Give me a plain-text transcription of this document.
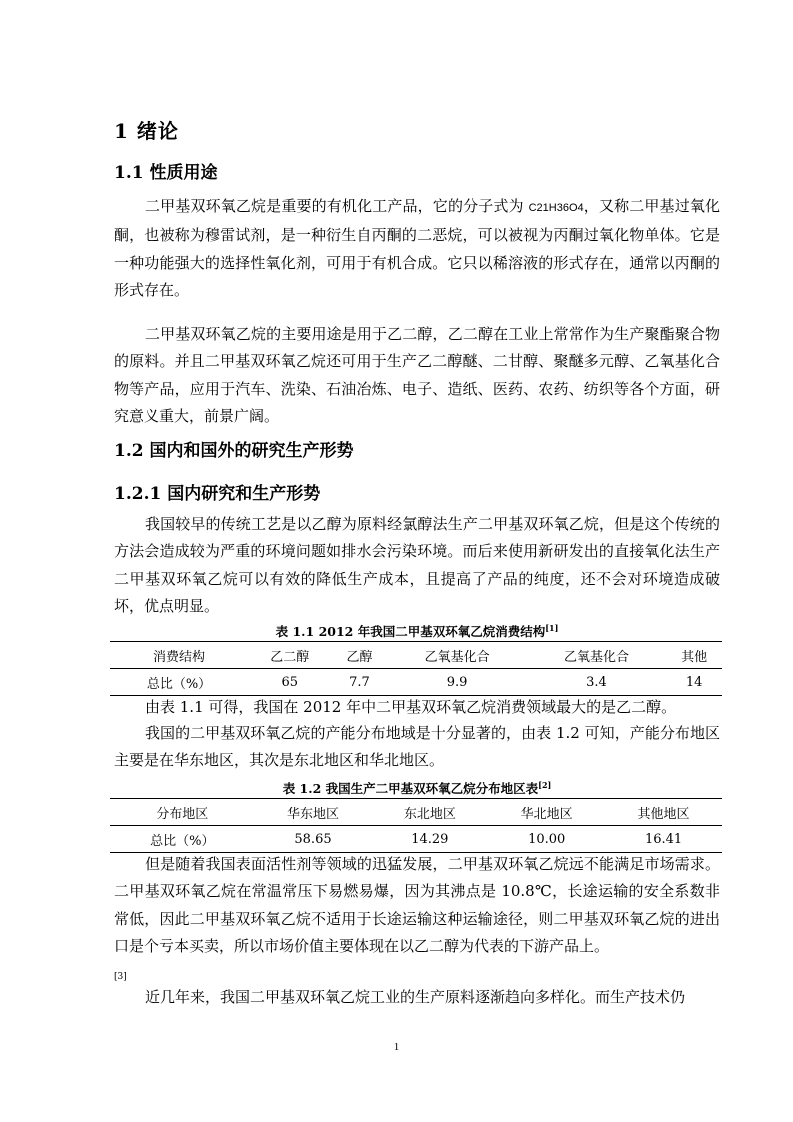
1 绪论
1.1 性质用途

二甲基双环氧乙烷是重要的有机化工产品，它的分子式为 C21H36O4，又称二甲基过氧化酮，也被称为穆雷试剂，是一种衍生自丙酮的二恶烷，可以被视为丙酮过氧化物单体。它是一种功能强大的选择性氧化剂，可用于有机合成。它只以稀溶液的形式存在，通常以丙酮的形式存在。

二甲基双环氧乙烷的主要用途是用于乙二醇，乙二醇在工业上常常作为生产聚酯聚合物的原料。并且二甲基双环氧乙烷还可用于生产乙二醇醚、二甘醇、聚醚多元醇、乙氧基化合物等产品，应用于汽车、洗染、石油冶炼、电子、造纸、医药、农药、纺织等各个方面，研究意义重大，前景广阔。

1.2 国内和国外的研究生产形势
1.2.1 国内研究和生产形势

我国较早的传统工艺是以乙醇为原料经氯醇法生产二甲基双环氧乙烷，但是这个传统的方法会造成较为严重的环境问题如排水会污染环境。而后来使用新研发出的直接氧化法生产二甲基双环氧乙烷可以有效的降低生产成本，且提高了产品的纯度，还不会对环境造成破坏，优点明显。

表 1.1 2012 年我国二甲基双环氧乙烷消费结构[1]

消费结构	乙二醇	乙醇	乙氧基化合	乙氧基化合	其他
总比（%）	65	7.7	9.9	3.4	14

由表 1.1 可得，我国在 2012 年中二甲基双环氧乙烷消费领域最大的是乙二醇。

我国的二甲基双环氧乙烷的产能分布地域是十分显著的，由表 1.2 可知，产能分布地区主要是在华东地区，其次是东北地区和华北地区。

表 1.2 我国生产二甲基双环氧乙烷分布地区表[2]

分布地区	华东地区	东北地区	华北地区	其他地区
总比（%）	58.65	14.29	10.00	16.41

但是随着我国表面活性剂等领域的迅猛发展，二甲基双环氧乙烷远不能满足市场需求。二甲基双环氧乙烷在常温常压下易燃易爆，因为其沸点是 10.8℃，长途运输的安全系数非常低，因此二甲基双环氧乙烷不适用于长途运输这种运输途径，则二甲基双环氧乙烷的进出口是个亏本买卖，所以市场价值主要体现在以乙二醇为代表的下游产品上。
[3]

近几年来，我国二甲基双环氧乙烷工业的生产原料逐渐趋向多样化。而生产技术仍

1
